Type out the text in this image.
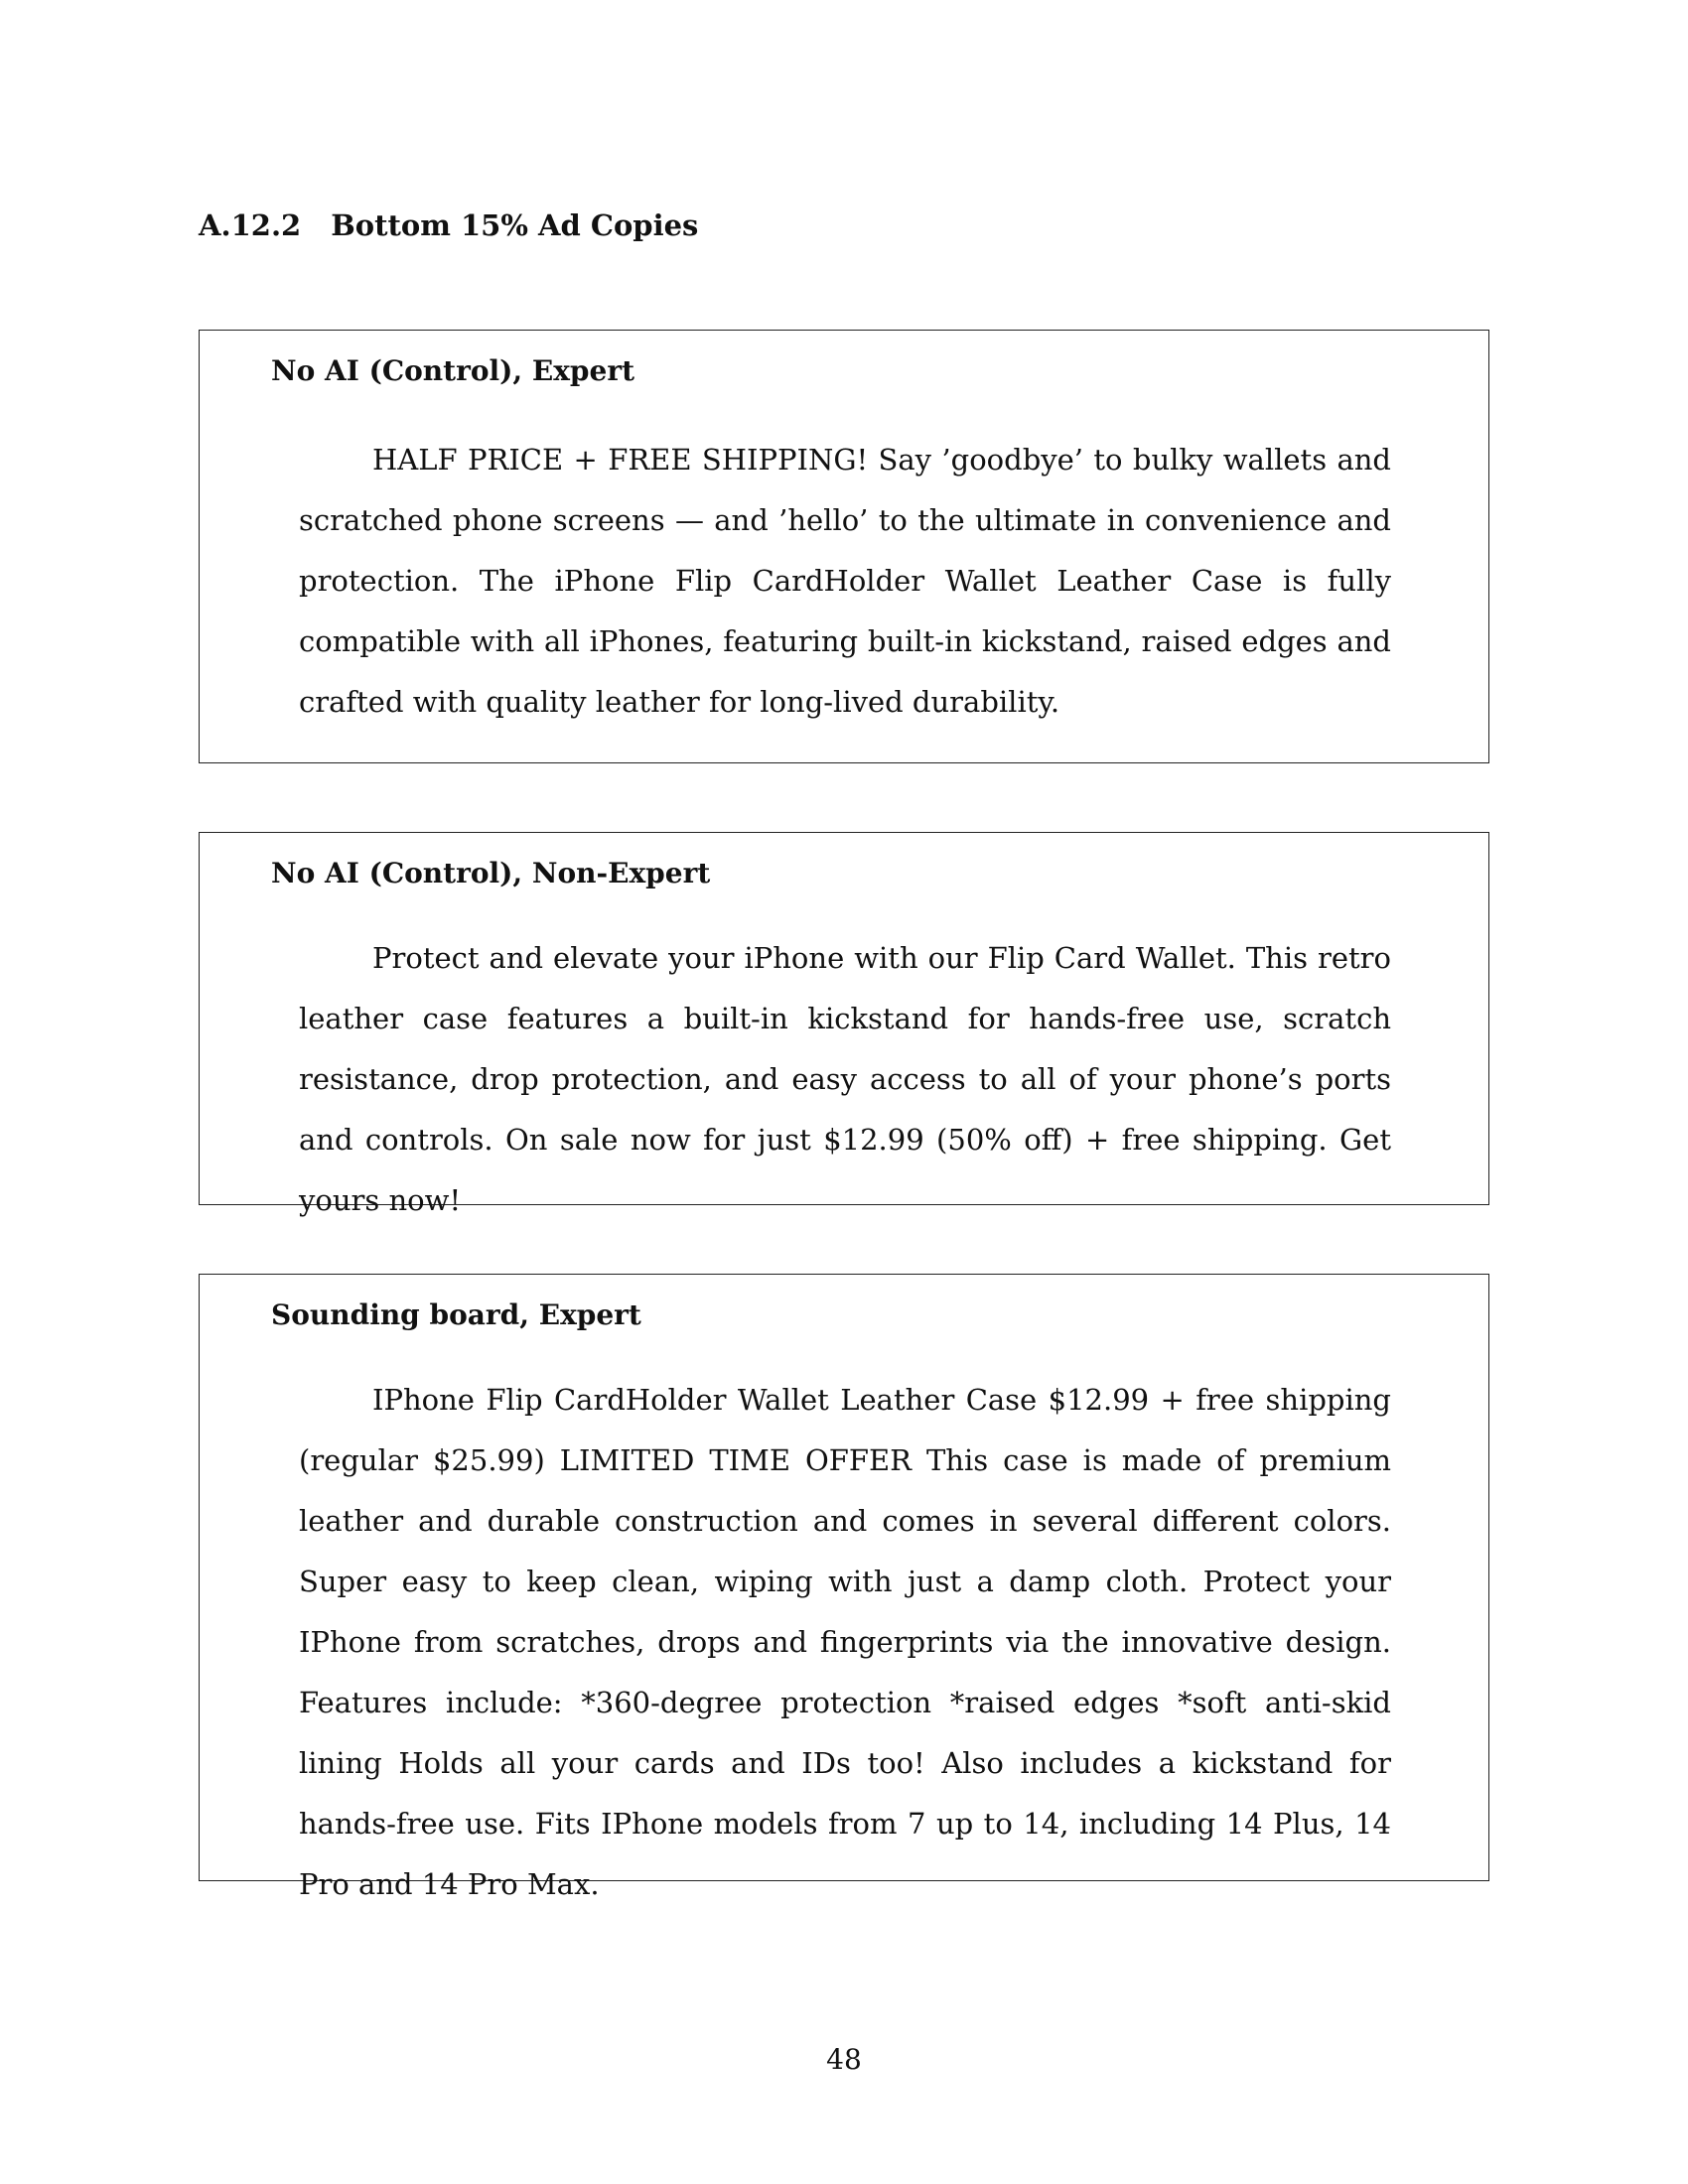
A.12.2 Bottom 15% Ad Copies

No AI (Control), Expert

HALF PRICE + FREE SHIPPING! Say ’goodbye’ to bulky wallets and scratched phone screens — and ’hello’ to the ultimate in convenience and protection. The iPhone Flip CardHolder Wallet Leather Case is fully compatible with all iPhones, featuring built-in kickstand, raised edges and crafted with quality leather for long-lived durability.

No AI (Control), Non-Expert

Protect and elevate your iPhone with our Flip Card Wallet. This retro leather case features a built-in kickstand for hands-free use, scratch resistance, drop protection, and easy access to all of your phone’s ports and controls. On sale now for just $12.99 (50% off) + free shipping. Get yours now!

Sounding board, Expert

IPhone Flip CardHolder Wallet Leather Case $12.99 + free shipping (regular $25.99) LIMITED TIME OFFER This case is made of premium leather and durable construction and comes in several different colors. Super easy to keep clean, wiping with just a damp cloth. Protect your IPhone from scratches, drops and fingerprints via the innovative design. Features include: *360-degree protection *raised edges *soft anti-skid lining Holds all your cards and IDs too! Also includes a kickstand for hands-free use. Fits IPhone models from 7 up to 14, including 14 Plus, 14 Pro and 14 Pro Max.

48
